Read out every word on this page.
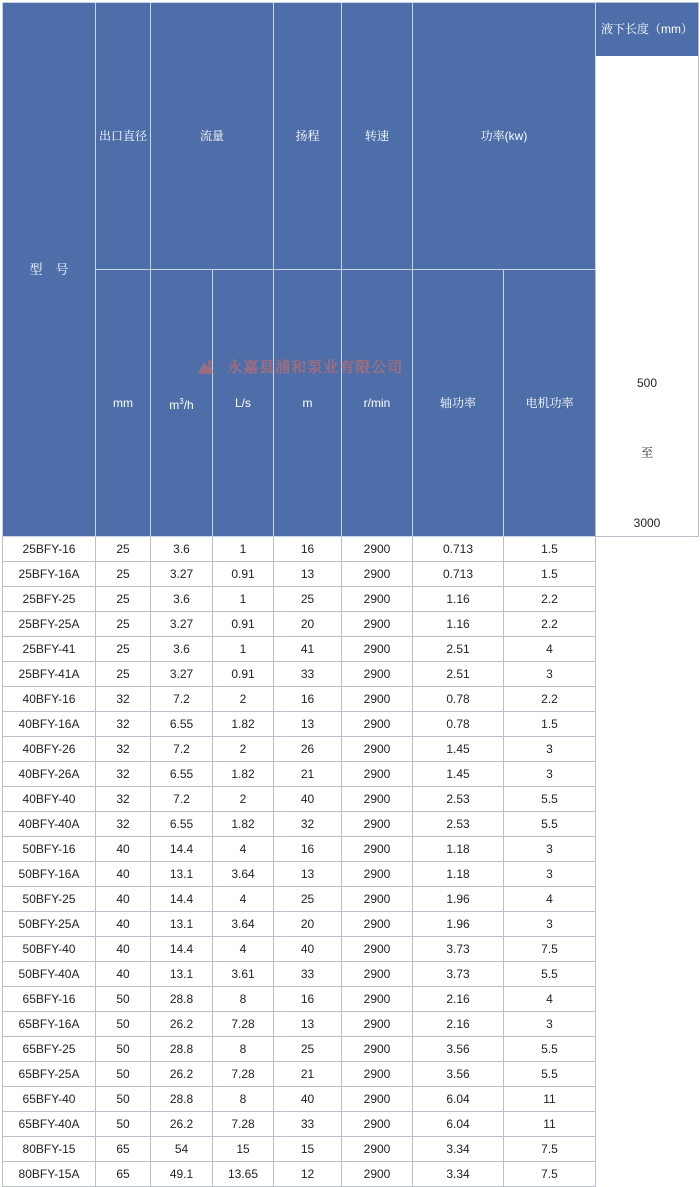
型　号	出口直径	流量		扬程	转速	功率(kw)		液下长度（mm）
500
至
3000

	mm	$m^3/h$	L/s	m	r/min	轴功率	电机功率	
25BFY-16	25	3.6	1	16	2900	0.713	1.5	
25BFY-16A	25	3.27	0.91	13	2900	0.713	1.5	
25BFY-25	25	3.6	1	25	2900	1.16	2.2	
25BFY-25A	25	3.27	0.91	20	2900	1.16	2.2	
25BFY-41	25	3.6	1	41	2900	2.51	4	
25BFY-41A	25	3.27	0.91	33	2900	2.51	3	
40BFY-16	32	7.2	2	16	2900	0.78	2.2	
40BFY-16A	32	6.55	1.82	13	2900	0.78	1.5	
40BFY-26	32	7.2	2	26	2900	1.45	3	
40BFY-26A	32	6.55	1.82	21	2900	1.45	3	
40BFY-40	32	7.2	2	40	2900	2.53	5.5	
40BFY-40A	32	6.55	1.82	32	2900	2.53	5.5	
50BFY-16	40	14.4	4	16	2900	1.18	3	
50BFY-16A	40	13.1	3.64	13	2900	1.18	3	
50BFY-25	40	14.4	4	25	2900	1.96	4	
50BFY-25A	40	13.1	3.64	20	2900	1.96	3	
50BFY-40	40	14.4	4	40	2900	3.73	7.5	
50BFY-40A	40	13.1	3.61	33	2900	3.73	5.5	
65BFY-16	50	28.8	8	16	2900	2.16	4	
65BFY-16A	50	26.2	7.28	13	2900	2.16	3	
65BFY-25	50	28.8	8	25	2900	3.56	5.5	
65BFY-25A	50	26.2	7.28	21	2900	3.56	5.5	
65BFY-40	50	28.8	8	40	2900	6.04	11	
65BFY-40A	50	26.2	7.28	33	2900	6.04	11	
80BFY-15	65	54	15	15	2900	3.34	7.5	
80BFY-15A	65	49.1	13.65	12	2900	3.34	7.5	
永嘉县浦和泵业有限公司
